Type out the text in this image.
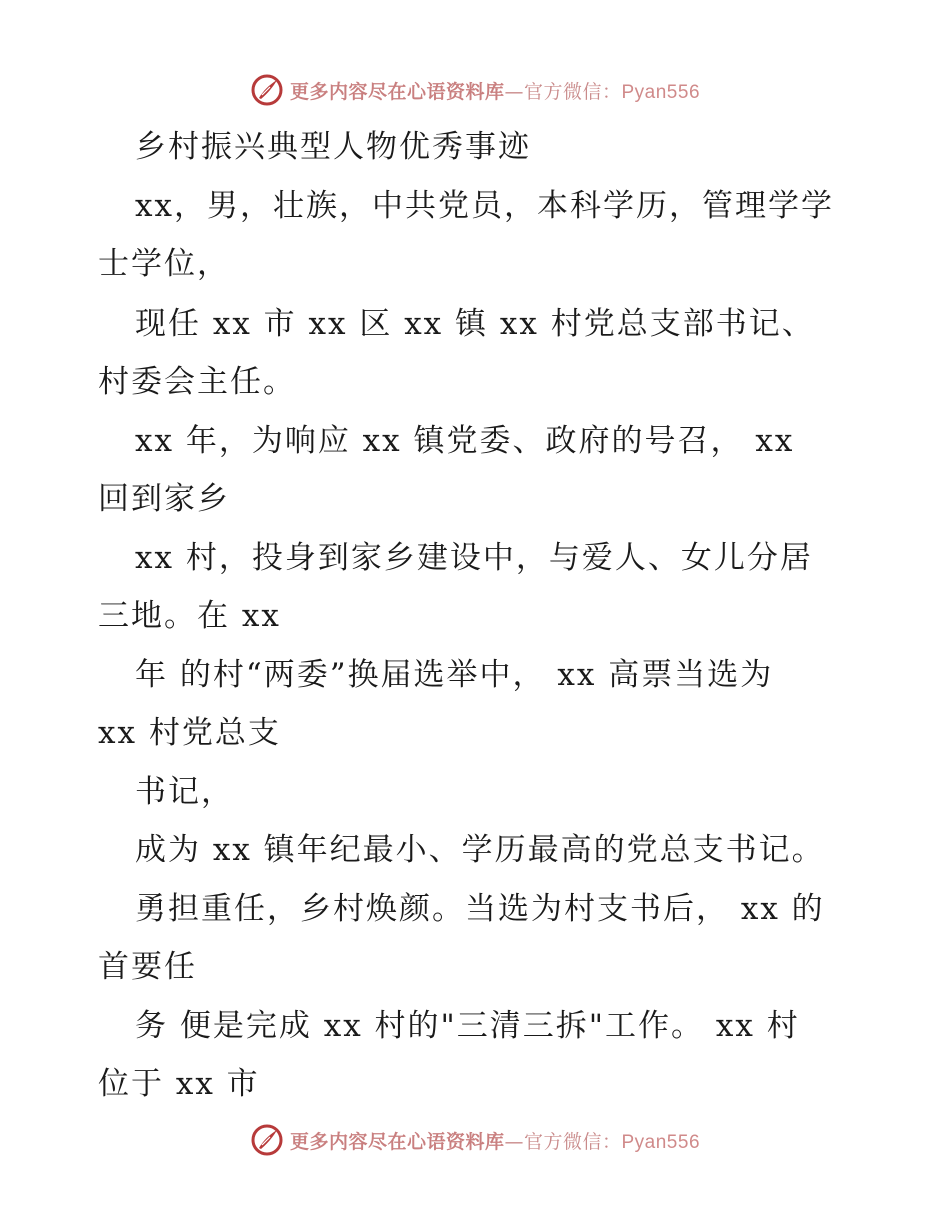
更多内容尽在心语资料库—官方微信：Pyan556
乡村振兴典型人物优秀事迹
xx，男，壮族，中共党员，本科学历，管理学学
士学位，
现任 xx 市 xx 区 xx 镇 xx 村党总支部书记、
村委会主任。
xx 年，为响应 xx 镇党委、政府的号召， xx
回到家乡
xx 村，投身到家乡建设中，与爱人、女儿分居
三地。在 xx
年 的村“两委”换届选举中， xx 高票当选为
xx 村党总支
书记，
成为 xx 镇年纪最小、学历最高的党总支书记。
勇担重任，乡村焕颜。当选为村支书后， xx 的
首要任
务 便是完成 xx 村的"三清三拆"工作。 xx 村
位于 xx 市
更多内容尽在心语资料库—官方微信：Pyan556
